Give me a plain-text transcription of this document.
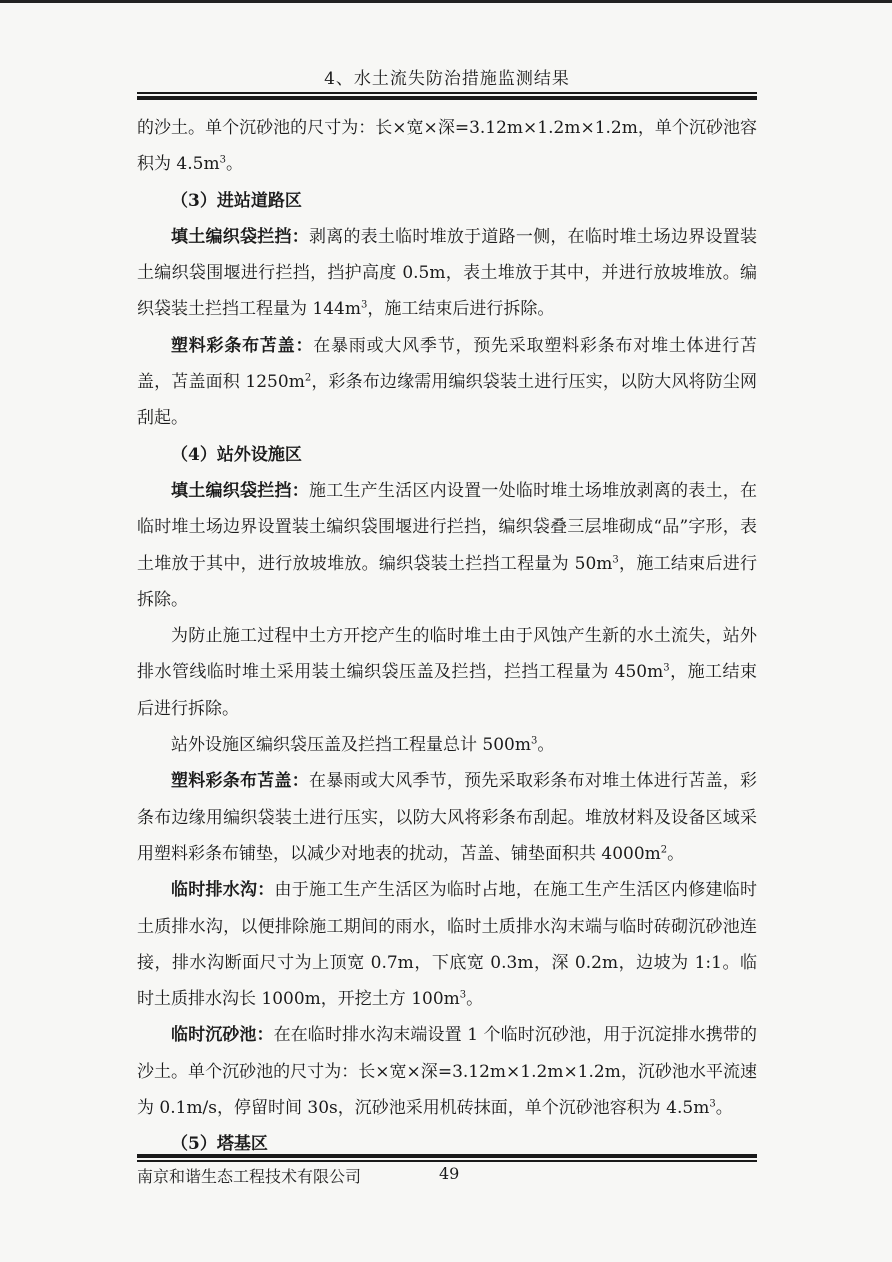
4、水土流失防治措施监测结果

的沙土。单个沉砂池的尺寸为：长×宽×深=3.12m×1.2m×1.2m，单个沉砂池容积为 $4.5m^3$。

（3）进站道路区

填土编织袋拦挡：剥离的表土临时堆放于道路一侧，在临时堆土场边界设置装土编织袋围堰进行拦挡，挡护高度 0.5m，表土堆放于其中，并进行放坡堆放。编织袋装土拦挡工程量为 $144m^3$，施工结束后进行拆除。

塑料彩条布苫盖：在暴雨或大风季节，预先采取塑料彩条布对堆土体进行苫盖，苫盖面积 $1250m^2$，彩条布边缘需用编织袋装土进行压实，以防大风将防尘网刮起。

（4）站外设施区

填土编织袋拦挡：施工生产生活区内设置一处临时堆土场堆放剥离的表土，在临时堆土场边界设置装土编织袋围堰进行拦挡，编织袋叠三层堆砌成“品”字形，表土堆放于其中，进行放坡堆放。编织袋装土拦挡工程量为 $50m^3$，施工结束后进行拆除。

为防止施工过程中土方开挖产生的临时堆土由于风蚀产生新的水土流失，站外排水管线临时堆土采用装土编织袋压盖及拦挡，拦挡工程量为 $450m^3$，施工结束后进行拆除。

站外设施区编织袋压盖及拦挡工程量总计 $500m^3$。

塑料彩条布苫盖：在暴雨或大风季节，预先采取彩条布对堆土体进行苫盖，彩条布边缘用编织袋装土进行压实，以防大风将彩条布刮起。堆放材料及设备区域采用塑料彩条布铺垫，以减少对地表的扰动，苫盖、铺垫面积共 $4000m^2$。

临时排水沟：由于施工生产生活区为临时占地，在施工生产生活区内修建临时土质排水沟，以便排除施工期间的雨水，临时土质排水沟末端与临时砖砌沉砂池连接，排水沟断面尺寸为上顶宽 0.7m，下底宽 0.3m，深 0.2m，边坡为 1:1。临时土质排水沟长 1000m，开挖土方 $100m^3$。

临时沉砂池：在在临时排水沟末端设置 1 个临时沉砂池，用于沉淀排水携带的沙土。单个沉砂池的尺寸为：长×宽×深=3.12m×1.2m×1.2m，沉砂池水平流速为 0.1m/s，停留时间 30s，沉砂池采用机砖抹面，单个沉砂池容积为 $4.5m^3$。

（5）塔基区

南京和谐生态工程技术有限公司	49
